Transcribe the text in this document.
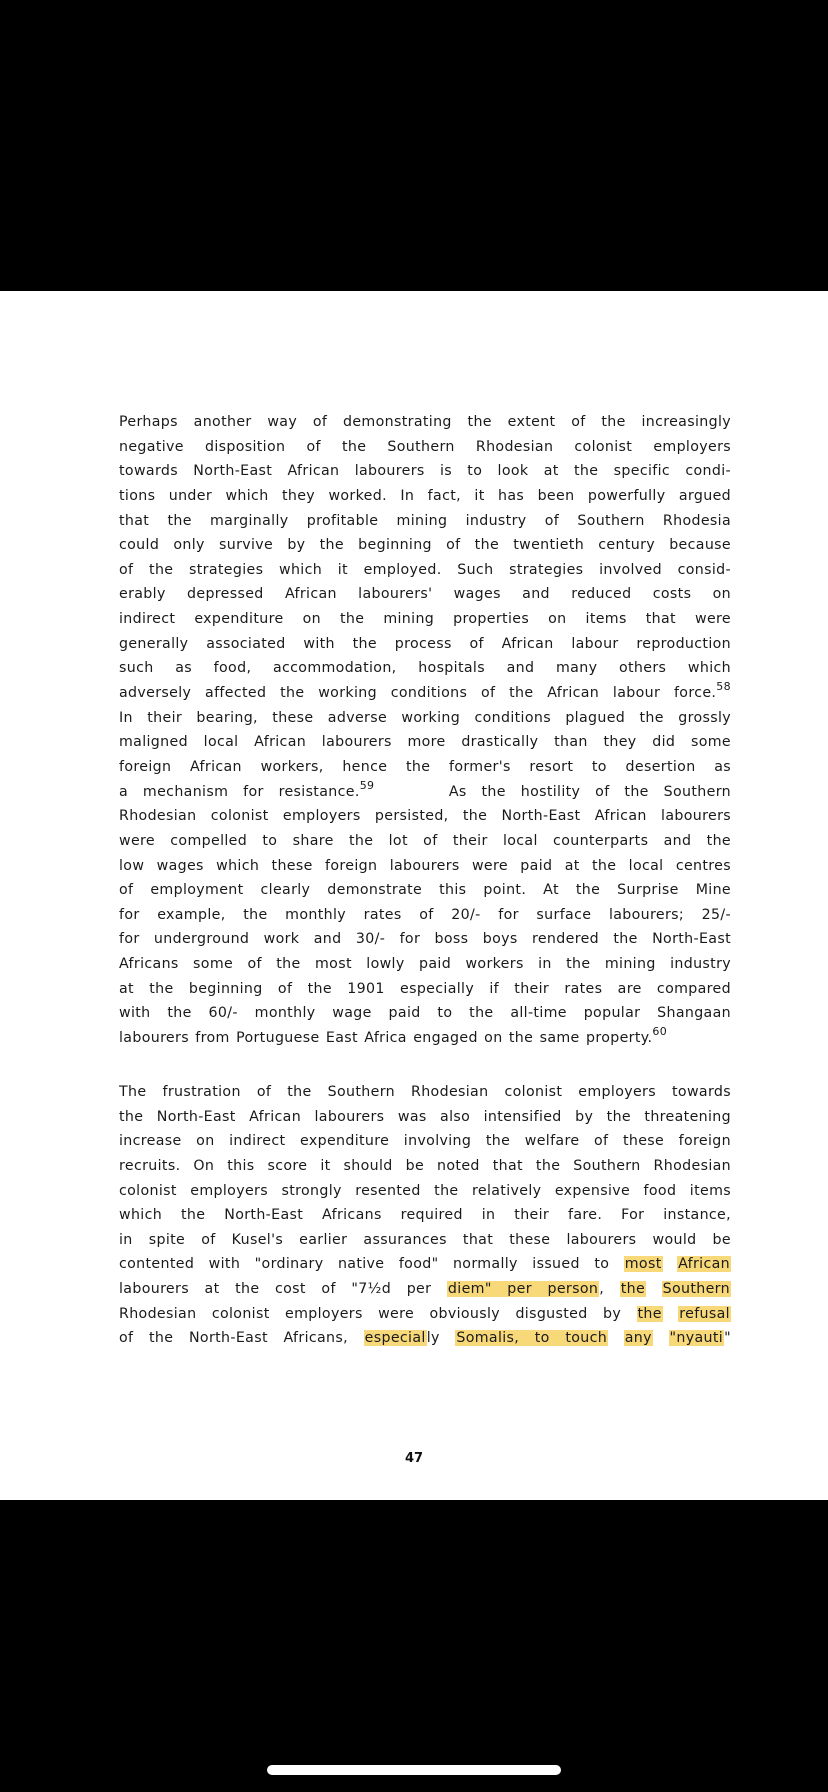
Perhaps another way of demonstrating the extent of the increasingly
negative disposition of the Southern Rhodesian colonist employers
towards North-East African labourers is to look at the specific condi-
tions under which they worked. In fact, it has been powerfully argued
that the marginally profitable mining industry of Southern Rhodesia
could only survive by the beginning of the twentieth century because
of the strategies which it employed. Such strategies involved consid-
erably depressed African labourers' wages and reduced costs on
indirect expenditure on the mining properties on items that were
generally associated with the process of African labour reproduction
such as food, accommodation, hospitals and many others which
adversely affected the working conditions of the African labour force.$^{58}$
In their bearing, these adverse working conditions plagued the grossly
maligned local African labourers more drastically than they did some
foreign African workers, hence the former's resort to desertion as
a mechanism for resistance.$^{59}$	As the hostility of the Southern
Rhodesian colonist employers persisted, the North-East African labourers
were compelled to share the lot of their local counterparts and the
low wages which these foreign labourers were paid at the local centres
of employment clearly demonstrate this point. At the Surprise Mine
for example, the monthly rates of 20/- for surface labourers; 25/-
for underground work and 30/- for boss boys rendered the North-East
Africans some of the most lowly paid workers in the mining industry
at the beginning of the 1901 especially if their rates are compared
with the 60/- monthly wage paid to the all-time popular Shangaan
labourers from Portuguese East Africa engaged on the same property.$^{60}$

The frustration of the Southern Rhodesian colonist employers towards
the North-East African labourers was also intensified by the threatening
increase on indirect expenditure involving the welfare of these foreign
recruits. On this score it should be noted that the Southern Rhodesian
colonist employers strongly resented the relatively expensive food items
which the North-East Africans required in their fare. For instance,
in spite of Kusel's earlier assurances that these labourers would be
contented with "ordinary native food" normally issued to most African
labourers at the cost of "7½d per diem" per person, the Southern
Rhodesian colonist employers were obviously disgusted by the refusal
of the North-East Africans, especially Somalis, to touch any "nyauti"

47
